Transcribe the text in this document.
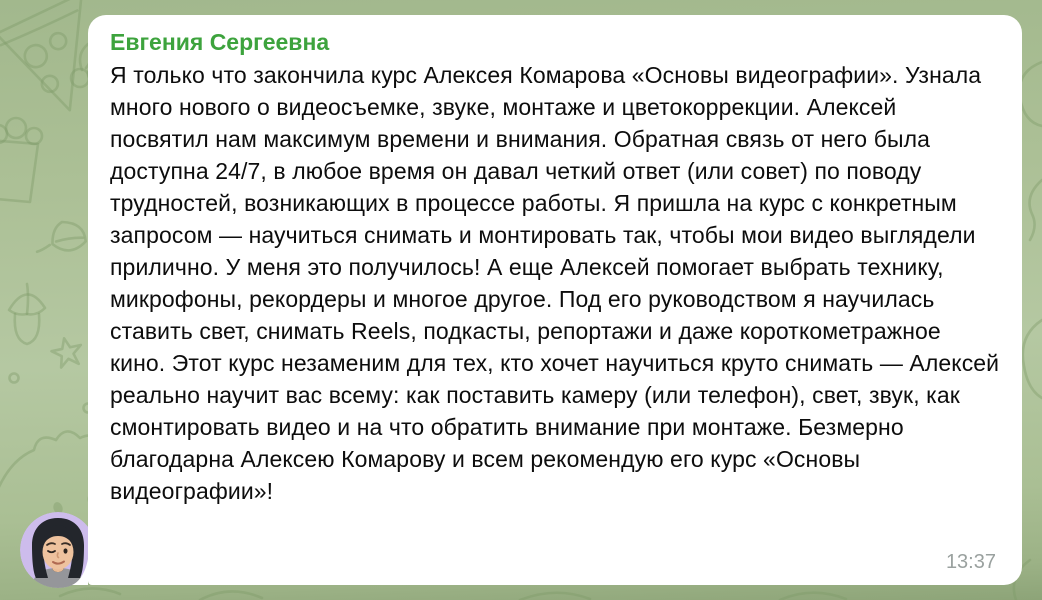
Евгения Сергеевна
Я только что закончила курс Алексея Комарова «Основы видеографии». Узнала много нового о видеосъемке, звуке, монтаже и цветокоррекции. Алексей посвятил нам максимум времени и внимания. Обратная связь от него была доступна 24/7, в любое время он давал четкий ответ (или совет) по поводу трудностей, возникающих в процессе работы. Я пришла на курс с конкретным запросом — научиться снимать и монтировать так, чтобы мои видео выглядели прилично. У меня это получилось! А еще Алексей помогает выбрать технику, микрофоны, рекордеры и многое другое. Под его руководством я научилась ставить свет, снимать Reels, подкасты, репортажи и даже короткометражное кино. Этот курс незаменим для тех, кто хочет научиться круто снимать — Алексей реально научит вас всему: как поставить камеру (или телефон), свет, звук, как смонтировать видео и на что обратить внимание при монтаже. Безмерно благодарна Алексею Комарову и всем рекомендую его курс «Основы видеографии»!
13:37
